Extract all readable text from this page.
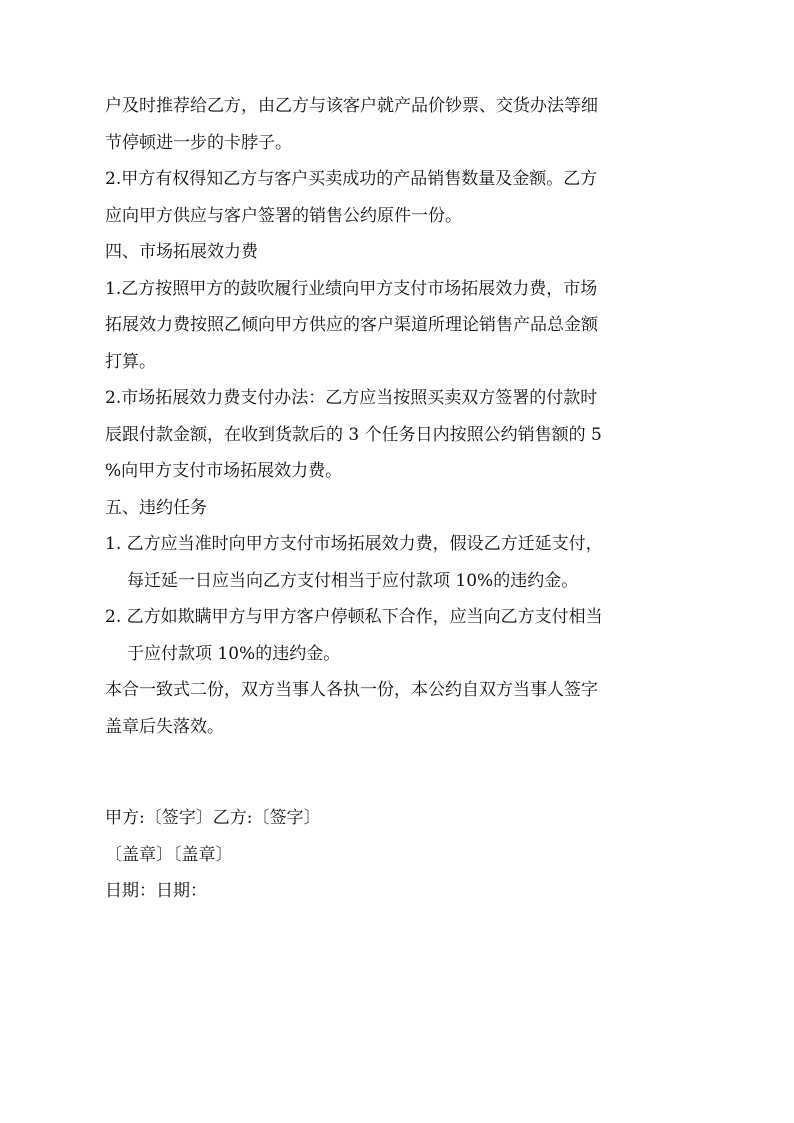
户及时推荐给乙方，由乙方与该客户就产品价钞票、交货办法等细

节停顿进一步的卡脖子。

2.甲方有权得知乙方与客户买卖成功的产品销售数量及金额。乙方

应向甲方供应与客户签署的销售公约原件一份。

四、市场拓展效力费

1.乙方按照甲方的鼓吹履行业绩向甲方支付市场拓展效力费，市场

拓展效力费按照乙倾向甲方供应的客户渠道所理论销售产品总金额

打算。

2.市场拓展效力费支付办法：乙方应当按照买卖双方签署的付款时

辰跟付款金额，在收到货款后的 3 个任务日内按照公约销售额的 5

%向甲方支付市场拓展效力费。

五、违约任务

1. 乙方应当准时向甲方支付市场拓展效力费，假设乙方迁延支付，

每迁延一日应当向乙方支付相当于应付款项 10%的违约金。

2. 乙方如欺瞒甲方与甲方客户停顿私下合作，应当向乙方支付相当

于应付款项 10%的违约金。

本合一致式二份，双方当事人各执一份，本公约自双方当事人签字

盖章后失落效。

甲方:〔签字〕乙方:〔签字〕

〔盖章〕〔盖章〕

日期：日期：
